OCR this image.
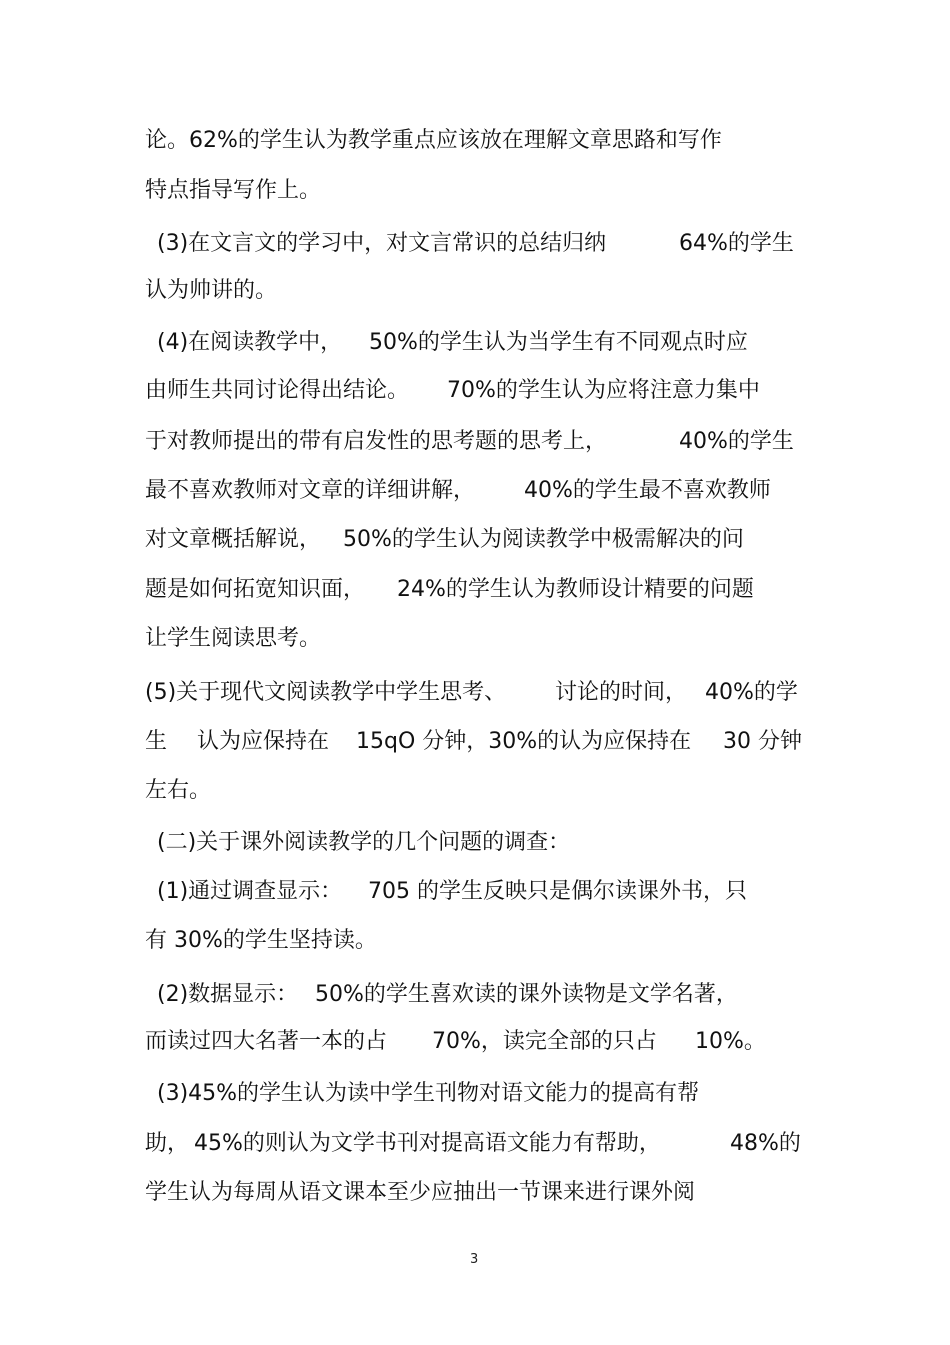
论。62%的学生认为教学重点应该放在理解文章思路和写作
特点指导写作上。
(3)在文言文的学习中，对文言常识的总结归纳	64%的学生
认为帅讲的。
(4)在阅读教学中， 50%的学生认为当学生有不同观点时应
由师生共同讨论得出结论。 70%的学生认为应将注意力集中
于对教师提出的带有启发性的思考题的思考上，	40%的学生
最不喜欢教师对文章的详细讲解， 40%的学生最不喜欢教师
对文章概括解说， 50%的学生认为阅读教学中极需解决的问
题是如何拓宽知识面， 24%的学生认为教师设计精要的问题
让学生阅读思考。
(5)关于现代文阅读教学中学生思考、 讨论的时间， 40%的学
生 认为应保持在 15qO 分钟，30%的认为应保持在 30 分钟
左右。
(二)关于课外阅读教学的几个问题的调查：
(1)通过调查显示： 705 的学生反映只是偶尔读课外书，只
有 30%的学生坚持读。
(2)数据显示： 50%的学生喜欢读的课外读物是文学名著，
而读过四大名著一本的占 70%，读完全部的只占 10%。
(3)45%的学生认为读中学生刊物对语文能力的提高有帮
助， 45%的则认为文学书刊对提高语文能力有帮助，	48%的
学生认为每周从语文课本至少应抽出一节课来进行课外阅
3
